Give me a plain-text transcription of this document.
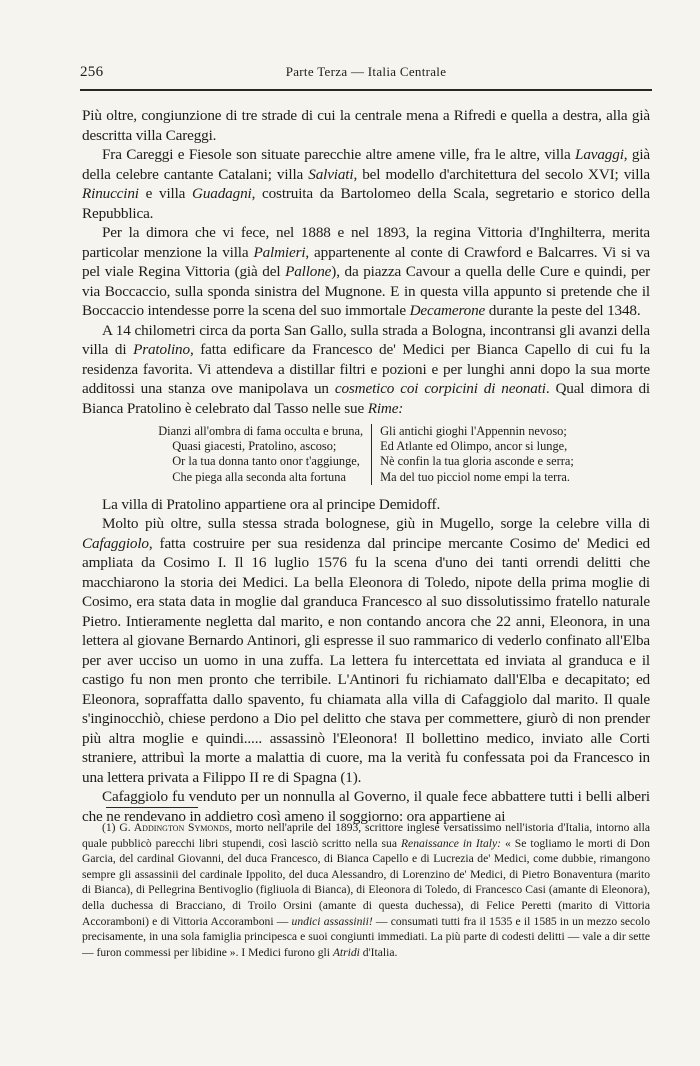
256	Parte Terza — Italia Centrale

Più oltre, congiunzione di tre strade di cui la centrale mena a Rifredi e quella a destra, alla già descritta villa Careggi.

Fra Careggi e Fiesole son situate parecchie altre amene ville, fra le altre, villa Lavaggi, già della celebre cantante Catalani; villa Salviati, bel modello d'architettura del secolo XVI; villa Rinuccini e villa Guadagni, costruita da Bartolomeo della Scala, segretario e storico della Repubblica.

Per la dimora che vi fece, nel 1888 e nel 1893, la regina Vittoria d'Inghilterra, merita particolar menzione la villa Palmieri, appartenente al conte di Crawford e Balcarres. Vi si va pel viale Regina Vittoria (già del Pallone), da piazza Cavour a quella delle Cure e quindi, per via Boccaccio, sulla sponda sinistra del Mugnone. E in questa villa appunto si pretende che il Boccaccio intendesse porre la scena del suo immortale Decamerone durante la peste del 1348.

A 14 chilometri circa da porta San Gallo, sulla strada a Bologna, incontransi gli avanzi della villa di Pratolino, fatta edificare da Francesco de' Medici per Bianca Capello di cui fu la residenza favorita. Vi attendeva a distillar filtri e pozioni e per lunghi anni dopo la sua morte additossi una stanza ove manipolava un cosmetico coi corpicini di neonati. Qual dimora di Bianca Pratolino è celebrato dal Tasso nelle sue Rime:

Dianzi all'ombra di fama occulta e bruna,
Quasi giacesti, Pratolino, ascoso;
Or la tua donna tanto onor t'aggiunge,
Che piega alla seconda alta fortuna
Gli antichi gioghi l'Appennin nevoso;
Ed Atlante ed Olimpo, ancor si lunge,
Nè confin la tua gloria asconde e serra;
Ma del tuo picciol nome empi la terra.

La villa di Pratolino appartiene ora al principe Demidoff.

Molto più oltre, sulla stessa strada bolognese, giù in Mugello, sorge la celebre villa di Cafaggiolo, fatta costruire per sua residenza dal principe mercante Cosimo de' Medici ed ampliata da Cosimo I. Il 16 luglio 1576 fu la scena d'uno dei tanti orrendi delitti che macchiarono la storia dei Medici. La bella Eleonora di Toledo, nipote della prima moglie di Cosimo, era stata data in moglie dal granduca Francesco al suo dissolutissimo fratello naturale Pietro. Intieramente negletta dal marito, e non contando ancora che 22 anni, Eleonora, in una lettera al giovane Bernardo Antinori, gli espresse il suo rammarico di vederlo confinato all'Elba per aver ucciso un uomo in una zuffa. La lettera fu intercettata ed inviata al granduca e il castigo fu non men pronto che terribile. L'Antinori fu richiamato dall'Elba e decapitato; ed Eleonora, sopraffatta dallo spavento, fu chiamata alla villa di Cafaggiolo dal marito. Il quale s'inginocchiò, chiese perdono a Dio pel delitto che stava per commettere, giurò di non prender più altra moglie e quindi..... assassinò l'Eleonora! Il bollettino medico, inviato alle Corti straniere, attribuì la morte a malattia di cuore, ma la verità fu confessata poi da Francesco in una lettera privata a Filippo II re di Spagna (1).

Cafaggiolo fu venduto per un nonnulla al Governo, il quale fece abbattere tutti i belli alberi che ne rendevano in addietro così ameno il soggiorno: ora appartiene ai

(1) G. Addington Symonds, morto nell'aprile del 1893, scrittore inglese versatissimo nell'istoria d'Italia, intorno alla quale pubblicò parecchi libri stupendi, così lasciò scritto nella sua Renaissance in Italy: « Se togliamo le morti di Don Garcia, del cardinal Giovanni, del duca Francesco, di Bianca Capello e di Lucrezia de' Medici, come dubbie, rimangono sempre gli assassinii del cardinale Ippolito, del duca Alessandro, di Lorenzino de' Medici, di Pietro Bonaventura (marito di Bianca), di Pellegrina Bentivoglio (figliuola di Bianca), di Eleonora di Toledo, di Francesco Casi (amante di Eleonora), della duchessa di Bracciano, di Troilo Orsini (amante di questa duchessa), di Felice Peretti (marito di Vittoria Accoramboni) e di Vittoria Accoramboni — undici assassinii! — consumati tutti fra il 1535 e il 1585 in un mezzo secolo precisamente, in una sola famiglia principesca e suoi congiunti immediati. La più parte di codesti delitti — vale a dir sette — furon commessi per libidine ». I Medici furono gli Atridi d'Italia.
